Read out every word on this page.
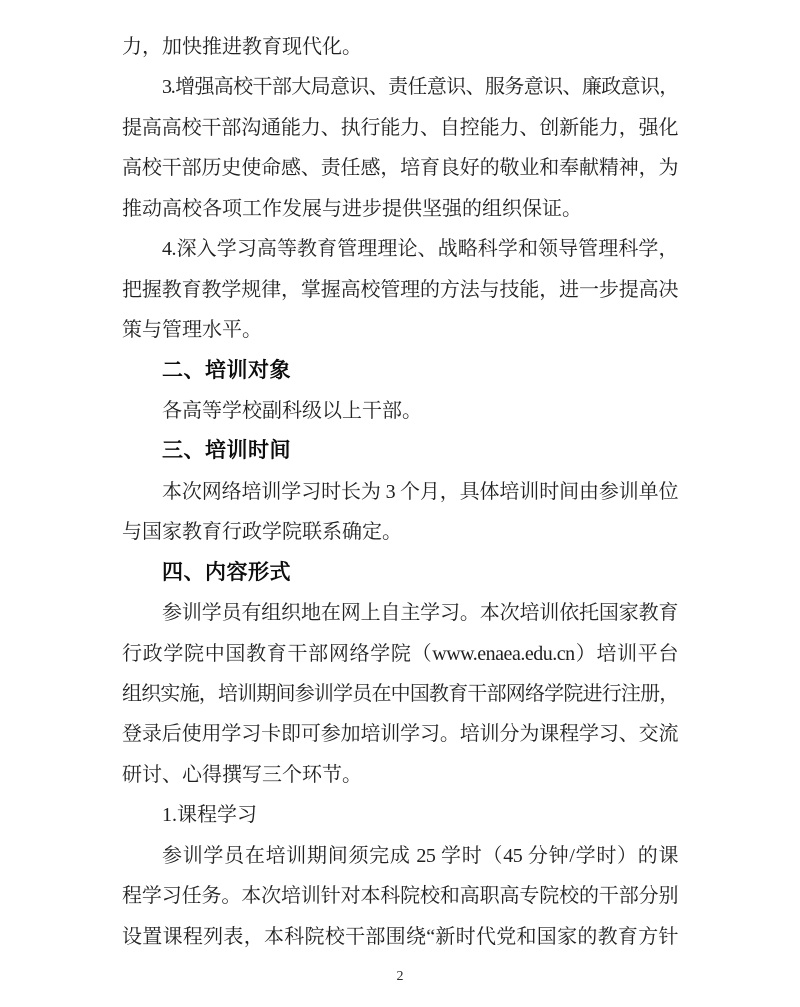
力，加快推进教育现代化。
3.增强高校干部大局意识、责任意识、服务意识、廉政意识，
提高高校干部沟通能力、执行能力、自控能力、创新能力，强化
高校干部历史使命感、责任感，培育良好的敬业和奉献精神，为
推动高校各项工作发展与进步提供坚强的组织保证。
4.深入学习高等教育管理理论、战略科学和领导管理科学，
把握教育教学规律，掌握高校管理的方法与技能，进一步提高决
策与管理水平。
二、培训对象
各高等学校副科级以上干部。
三、培训时间
本次网络培训学习时长为 3 个月，具体培训时间由参训单位
与国家教育行政学院联系确定。
四、内容形式
参训学员有组织地在网上自主学习。本次培训依托国家教育
行政学院中国教育干部网络学院（www.enaea.edu.cn）培训平台
组织实施，培训期间参训学员在中国教育干部网络学院进行注册，
登录后使用学习卡即可参加培训学习。培训分为课程学习、交流
研讨、心得撰写三个环节。
1.课程学习
参训学员在培训期间须完成 25 学时（45 分钟/学时）的课
程学习任务。本次培训针对本科院校和高职高专院校的干部分别
设置课程列表，本科院校干部围绕“新时代党和国家的教育方针
2
